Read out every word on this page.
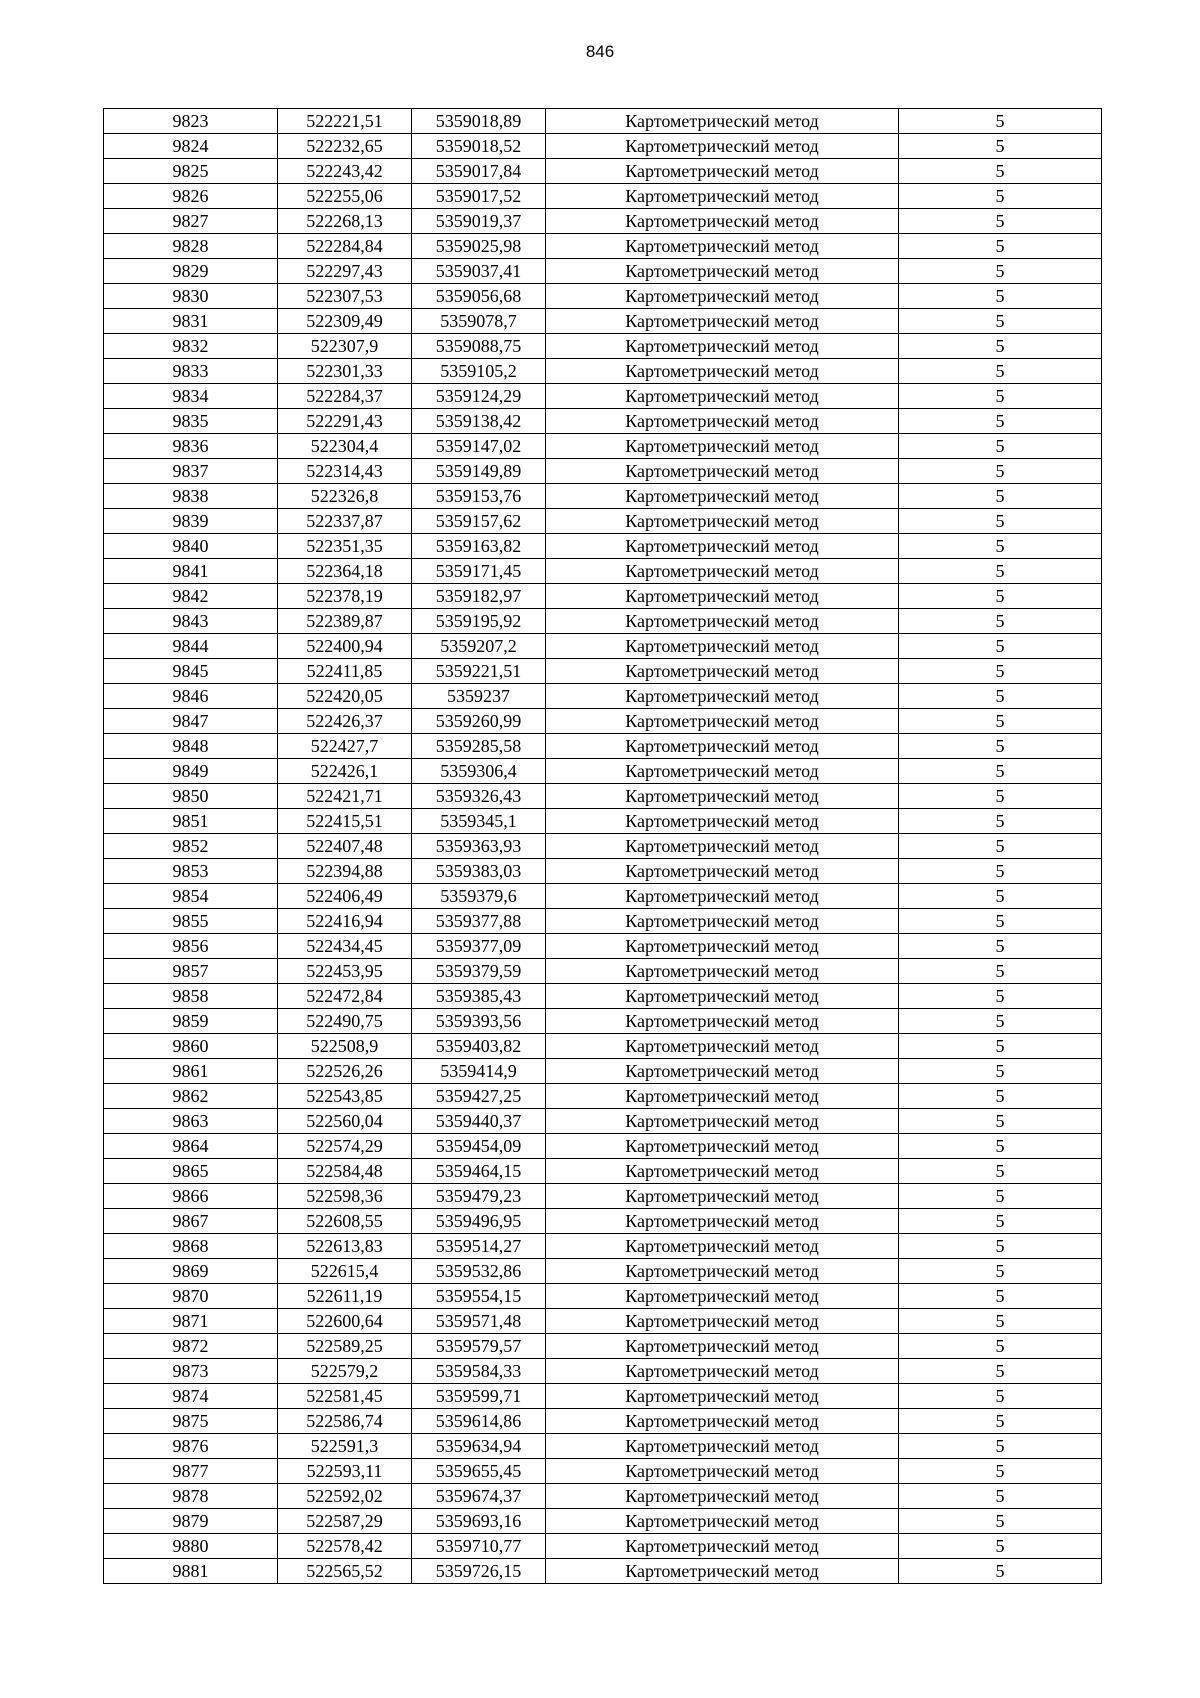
846
9823	522221,51	5359018,89	Картометрический метод	5
9824	522232,65	5359018,52	Картометрический метод	5
9825	522243,42	5359017,84	Картометрический метод	5
9826	522255,06	5359017,52	Картометрический метод	5
9827	522268,13	5359019,37	Картометрический метод	5
9828	522284,84	5359025,98	Картометрический метод	5
9829	522297,43	5359037,41	Картометрический метод	5
9830	522307,53	5359056,68	Картометрический метод	5
9831	522309,49	5359078,7	Картометрический метод	5
9832	522307,9	5359088,75	Картометрический метод	5
9833	522301,33	5359105,2	Картометрический метод	5
9834	522284,37	5359124,29	Картометрический метод	5
9835	522291,43	5359138,42	Картометрический метод	5
9836	522304,4	5359147,02	Картометрический метод	5
9837	522314,43	5359149,89	Картометрический метод	5
9838	522326,8	5359153,76	Картометрический метод	5
9839	522337,87	5359157,62	Картометрический метод	5
9840	522351,35	5359163,82	Картометрический метод	5
9841	522364,18	5359171,45	Картометрический метод	5
9842	522378,19	5359182,97	Картометрический метод	5
9843	522389,87	5359195,92	Картометрический метод	5
9844	522400,94	5359207,2	Картометрический метод	5
9845	522411,85	5359221,51	Картометрический метод	5
9846	522420,05	5359237	Картометрический метод	5
9847	522426,37	5359260,99	Картометрический метод	5
9848	522427,7	5359285,58	Картометрический метод	5
9849	522426,1	5359306,4	Картометрический метод	5
9850	522421,71	5359326,43	Картометрический метод	5
9851	522415,51	5359345,1	Картометрический метод	5
9852	522407,48	5359363,93	Картометрический метод	5
9853	522394,88	5359383,03	Картометрический метод	5
9854	522406,49	5359379,6	Картометрический метод	5
9855	522416,94	5359377,88	Картометрический метод	5
9856	522434,45	5359377,09	Картометрический метод	5
9857	522453,95	5359379,59	Картометрический метод	5
9858	522472,84	5359385,43	Картометрический метод	5
9859	522490,75	5359393,56	Картометрический метод	5
9860	522508,9	5359403,82	Картометрический метод	5
9861	522526,26	5359414,9	Картометрический метод	5
9862	522543,85	5359427,25	Картометрический метод	5
9863	522560,04	5359440,37	Картометрический метод	5
9864	522574,29	5359454,09	Картометрический метод	5
9865	522584,48	5359464,15	Картометрический метод	5
9866	522598,36	5359479,23	Картометрический метод	5
9867	522608,55	5359496,95	Картометрический метод	5
9868	522613,83	5359514,27	Картометрический метод	5
9869	522615,4	5359532,86	Картометрический метод	5
9870	522611,19	5359554,15	Картометрический метод	5
9871	522600,64	5359571,48	Картометрический метод	5
9872	522589,25	5359579,57	Картометрический метод	5
9873	522579,2	5359584,33	Картометрический метод	5
9874	522581,45	5359599,71	Картометрический метод	5
9875	522586,74	5359614,86	Картометрический метод	5
9876	522591,3	5359634,94	Картометрический метод	5
9877	522593,11	5359655,45	Картометрический метод	5
9878	522592,02	5359674,37	Картометрический метод	5
9879	522587,29	5359693,16	Картометрический метод	5
9880	522578,42	5359710,77	Картометрический метод	5
9881	522565,52	5359726,15	Картометрический метод	5
